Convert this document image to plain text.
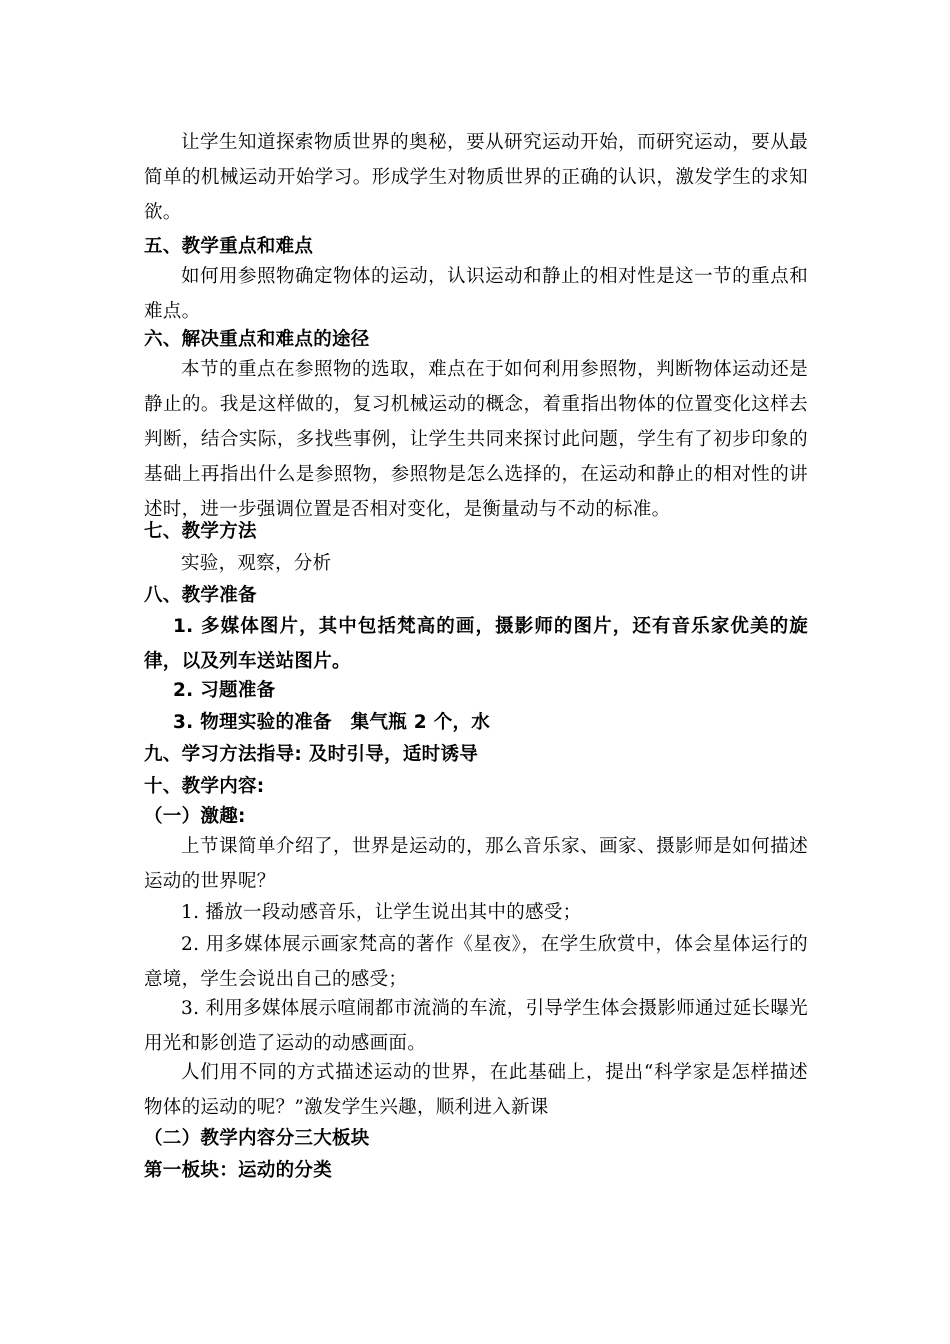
让学生知道探索物质世界的奥秘，要从研究运动开始，而研究运动，要从最简单的机械运动开始学习。形成学生对物质世界的正确的认识，激发学生的求知欲。

五、教学重点和难点

如何用参照物确定物体的运动，认识运动和静止的相对性是这一节的重点和难点。

六、解决重点和难点的途径

本节的重点在参照物的选取，难点在于如何利用参照物，判断物体运动还是静止的。我是这样做的，复习机械运动的概念，着重指出物体的位置变化这样去判断，结合实际，多找些事例，让学生共同来探讨此问题，学生有了初步印象的基础上再指出什么是参照物，参照物是怎么选择的，在运动和静止的相对性的讲述时，进一步强调位置是否相对变化，是衡量动与不动的标准。

七、教学方法

实验，观察，分析

八、教学准备

1. 多媒体图片，其中包括梵高的画，摄影师的图片，还有音乐家优美的旋律，以及列车送站图片。

2. 习题准备

3. 物理实验的准备　集气瓶 2 个，水

九、学习方法指导: 及时引导，适时诱导

十、教学内容:

（一）激趣:

上节课简单介绍了，世界是运动的，那么音乐家、画家、摄影师是如何描述运动的世界呢？

1. 播放一段动感音乐，让学生说出其中的感受；

2. 用多媒体展示画家梵高的著作《星夜》，在学生欣赏中，体会星体运行的意境，学生会说出自己的感受；

3. 利用多媒体展示喧闹都市流淌的车流，引导学生体会摄影师通过延长曝光用光和影创造了运动的动感画面。

人们用不同的方式描述运动的世界，在此基础上，提出“科学家是怎样描述物体的运动的呢？”激发学生兴趣，顺利进入新课

（二）教学内容分三大板块

第一板块：运动的分类
